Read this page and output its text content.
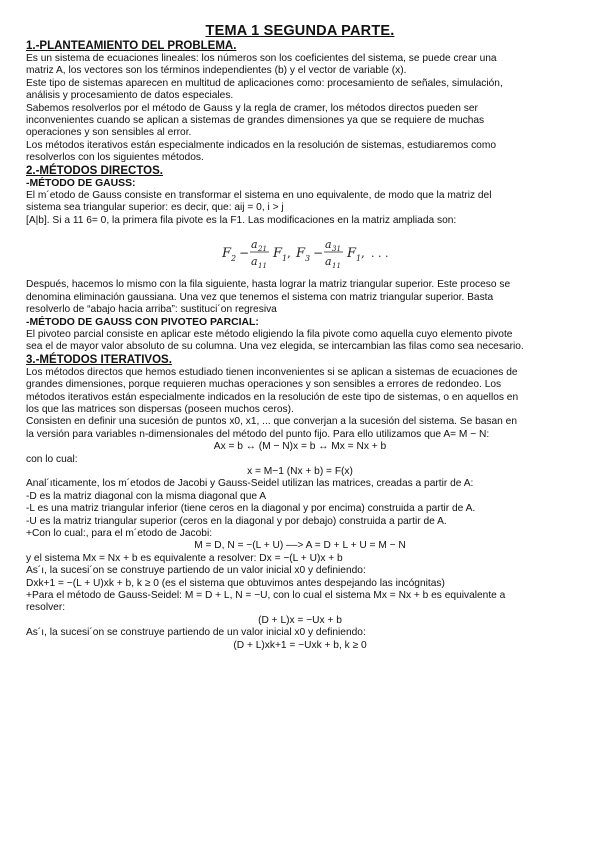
TEMA 1 SEGUNDA PARTE.

1.-PLANTEAMIENTO DEL PROBLEMA.

Es un sistema de ecuaciones lineales: los números son los coeficientes del sistema, se puede crear una

matriz A, los vectores son los términos independientes (b) y el vector de variable (x).

Este tipo de sistemas aparecen en multitud de aplicaciones como: procesamiento de señales, simulación,

análisis y procesamiento de datos especiales.

Sabemos resolverlos por el método de Gauss y la regla de cramer, los métodos directos pueden ser

inconvenientes cuando se aplican a sistemas de grandes dimensiones ya que se requiere de muchas

operaciones y son sensibles al error.

Los métodos iterativos están especialmente indicados en la resolución de sistemas, estudiaremos como

resolverlos con los siguientes métodos.

2.-MÉTODOS DIRECTOS.

-MÉTODO DE GAUSS:

El m´etodo de Gauss consiste en transformar el sistema en uno equivalente, de modo que la matriz del

sistema sea triangular superior: es decir, que: aij = 0, i > j

[A|b]. Si a 11 6= 0, la primera fila pivote es la F1. Las modificaciones en la matriz ampliada son:

F 2 −
a 21
a 11
F 1 , F 3 −
a 31
a 11
F 1 , . . .

Después, hacemos lo mismo con la fila siguiente, hasta lograr la matriz triangular superior. Este proceso se

denomina eliminación gaussiana. Una vez que tenemos el sistema con matriz triangular superior. Basta

resolverlo de “abajo hacia arriba”: sustituci´on regresiva

-MÉTODO DE GAUSS CON PIVOTEO PARCIAL:

El pivoteo parcial consiste en aplicar este método eligiendo la fila pivote como aquella cuyo elemento pivote

sea el de mayor valor absoluto de su columna. Una vez elegida, se intercambian las filas como sea necesario.

3.-MÉTODOS ITERATIVOS.

Los métodos directos que hemos estudiado tienen inconvenientes si se aplican a sistemas de ecuaciones de

grandes dimensiones, porque requieren muchas operaciones y son sensibles a errores de redondeo. Los

métodos iterativos están especialmente indicados en la resolución de este tipo de sistemas, o en aquellos en

los que las matrices son dispersas (poseen muchos ceros).

Consisten en definir una sucesión de puntos x0, x1, ... que converjan a la sucesión del sistema. Se basan en

la versión para variables n-dimensionales del método del punto fijo. Para ello utilizamos que A= M − N:

Ax = b ↔ (M − N)x = b ↔ Mx = Nx + b

con lo cual:

x = M−1 (Nx + b) = F(x)

Anal´ıticamente, los m´etodos de Jacobi y Gauss-Seidel utilizan las matrices, creadas a partir de A:

-D es la matriz diagonal con la misma diagonal que A

-L es una matriz triangular inferior (tiene ceros en la diagonal y por encima) construida a partir de A.

-U es la matriz triangular superior (ceros en la diagonal y por debajo) construida a partir de A.

+Con lo cual:, para el m´etodo de Jacobi:

M = D, N = −(L + U) ––> A = D + L + U = M − N

y el sistema Mx = Nx + b es equivalente a resolver: Dx = −(L + U)x + b

As´ı, la sucesi´on se construye partiendo de un valor inicial x0 y definiendo:

Dxk+1 = −(L + U)xk + b, k ≥ 0 (es el sistema que obtuvimos antes despejando las incógnitas)

+Para el método de Gauss-Seidel: M = D + L, N = −U, con lo cual el sistema Mx = Nx + b es equivalente a

resolver:

(D + L)x = −Ux + b

As´ı, la sucesi´on se construye partiendo de un valor inicial x0 y definiendo:

(D + L)xk+1 = −Uxk + b, k ≥ 0
